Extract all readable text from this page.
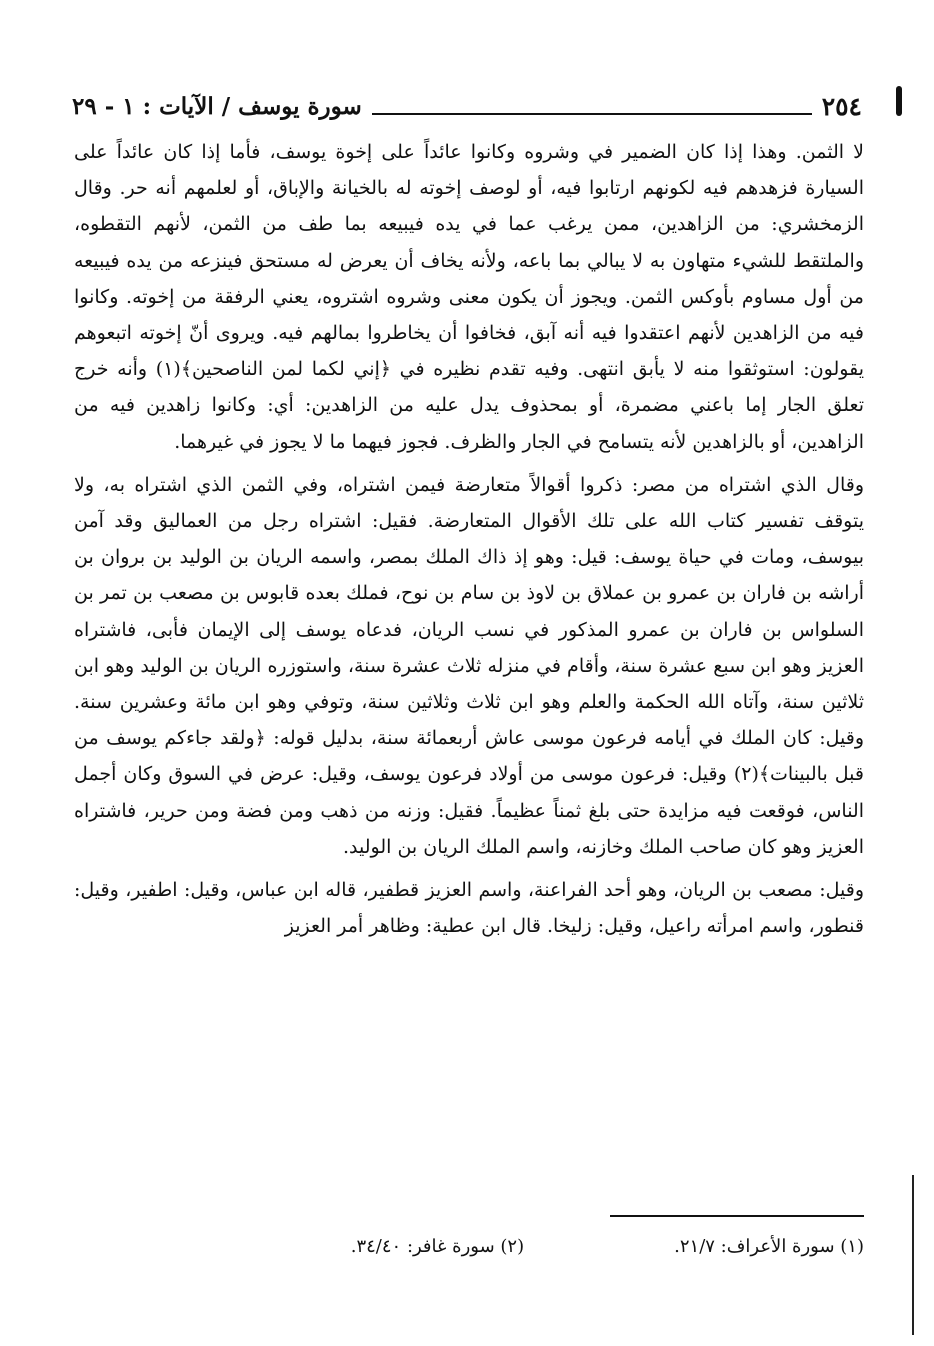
٢٥٤
سورة يوسف / الآيات : ١ - ٢٩

لا الثمن. وهذا إذا كان الضمير في وشروه وكانوا عائداً على إخوة يوسف، فأما إذا كان عائداً على السيارة فزهدهم فيه لكونهم ارتابوا فيه، أو لوصف إخوته له بالخيانة والإباق، أو لعلمهم أنه حر. وقال الزمخشري: من الزاهدين، ممن يرغب عما في يده فيبيعه بما طف من الثمن، لأنهم التقطوه، والملتقط للشيء متهاون به لا يبالي بما باعه، ولأنه يخاف أن يعرض له مستحق فينزعه من يده فيبيعه من أول مساوم بأوكس الثمن. ويجوز أن يكون معنى وشروه اشتروه، يعني الرفقة من إخوته. وكانوا فيه من الزاهدين لأنهم اعتقدوا فيه أنه آبق، فخافوا أن يخاطروا بمالهم فيه. ويروى أنّ إخوته اتبعوهم يقولون: استوثقوا منه لا يأبق انتهى. وفيه تقدم نظيره في ﴿إني لكما لمن الناصحين﴾(١) وأنه خرج تعلق الجار إما باعني مضمرة، أو بمحذوف يدل عليه من الزاهدين: أي: وكانوا زاهدين فيه من الزاهدين، أو بالزاهدين لأنه يتسامح في الجار والظرف. فجوز فيهما ما لا يجوز في غيرهما.

وقال الذي اشتراه من مصر: ذكروا أقوالاً متعارضة فيمن اشتراه، وفي الثمن الذي اشتراه به، ولا يتوقف تفسير كتاب الله على تلك الأقوال المتعارضة. فقيل: اشتراه رجل من العماليق وقد آمن بيوسف، ومات في حياة يوسف: قيل: وهو إذ ذاك الملك بمصر، واسمه الريان بن الوليد بن بروان بن أراشه بن فاران بن عمرو بن عملاق بن لاوذ بن سام بن نوح، فملك بعده قابوس بن مصعب بن تمر بن السلواس بن فاران بن عمرو المذكور في نسب الريان، فدعاه يوسف إلى الإيمان فأبى، فاشتراه العزيز وهو ابن سبع عشرة سنة، وأقام في منزله ثلاث عشرة سنة، واستوزره الريان بن الوليد وهو ابن ثلاثين سنة، وآتاه الله الحكمة والعلم وهو ابن ثلاث وثلاثين سنة، وتوفي وهو ابن مائة وعشرين سنة. وقيل: كان الملك في أيامه فرعون موسى عاش أربعمائة سنة، بدليل قوله: ﴿ولقد جاءكم يوسف من قبل بالبينات﴾(٢) وقيل: فرعون موسى من أولاد فرعون يوسف، وقيل: عرض في السوق وكان أجمل الناس، فوقعت فيه مزايدة حتى بلغ ثمناً عظيماً. فقيل: وزنه من ذهب ومن فضة ومن حرير، فاشتراه العزيز وهو كان صاحب الملك وخازنه، واسم الملك الريان بن الوليد.

وقيل: مصعب بن الريان، وهو أحد الفراعنة، واسم العزيز قطفير، قاله ابن عباس، وقيل: اطفير، وقيل: قنطور، واسم امرأته راعيل، وقيل: زليخا. قال ابن عطية: وظاهر أمر العزيز

(١) سورة الأعراف: ٢١/٧.
(٢) سورة غافر: ٣٤/٤٠.
